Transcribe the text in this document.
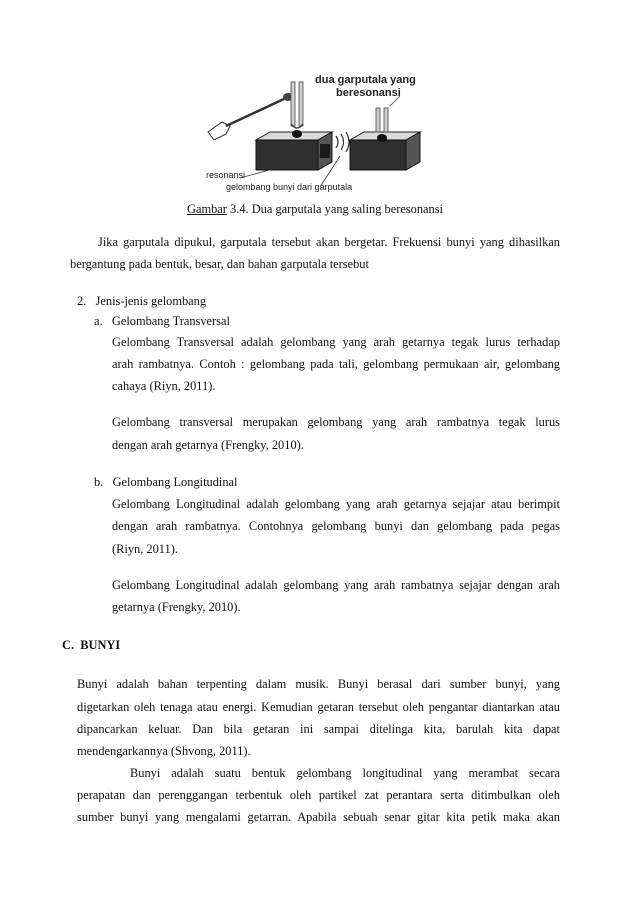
dua garputala yang
beresonansi
resonansi
gelombang bunyi dari garputala
Gambar 3.4. Dua garputala yang saling beresonansi
Jika garputala dipukul, garputala tersebut akan bergetar. Frekuensi bunyi yang dihasilkan
bergantung pada bentuk, besar, dan bahan garputala tersebut
2.   Jenis-jenis gelombang
a.   Gelombang Transversal
Gelombang Transversal adalah gelombang yang arah getarnya tegak lurus terhadap
arah rambatnya. Contoh : gelombang pada tali, gelombang permukaan air, gelombang
cahaya (Riyn, 2011).
Gelombang transversal merupakan gelombang yang arah rambatnya tegak lurus
dengan arah getarnya (Frengky, 2010).
b.   Gelombang Longitudinal
Gelombang Longitudinal adalah gelombang yang arah getarnya sejajar atau berimpit
dengan arah rambatnya. Contohnya gelombang bunyi dan gelombang pada pegas
(Riyn, 2011).
Gelombang Longitudinal adalah gelombang yang arah rambatnya sejajar dengan arah
getarnya (Frengky, 2010).
C.  BUNYI
Bunyi adalah bahan terpenting dalam musik. Bunyi berasal dari sumber bunyi, yang
digetarkan oleh tenaga atau energi. Kemudian getaran tersebut oleh pengantar diantarkan atau
dipancarkan keluar. Dan bila getaran ini sampai ditelinga kita, barulah kita dapat
mendengarkannya (Shvong, 2011).
Bunyi adalah suatu bentuk gelombang longitudinal yang merambat secara
perapatan dan perenggangan terbentuk oleh partikel zat perantara serta ditimbulkan oleh
sumber bunyi yang mengalami getarran. Apabila sebuah senar gitar kita petik maka akan
